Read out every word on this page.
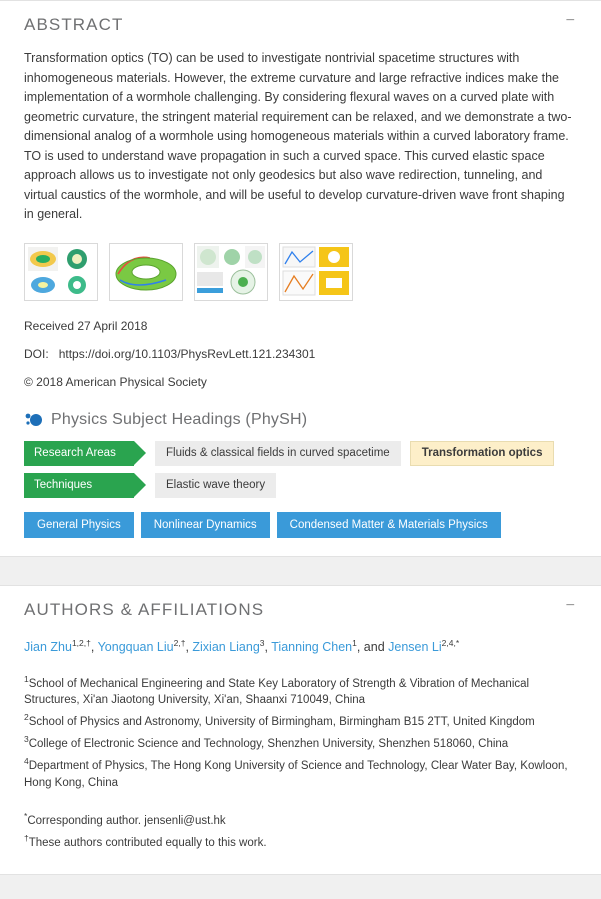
ABSTRACT	−

Transformation optics (TO) can be used to investigate nontrivial spacetime structures with inhomogeneous materials. However, the extreme curvature and large refractive indices make the implementation of a wormhole challenging. By considering flexural waves on a curved plate with geometric curvature, the stringent material requirement can be relaxed, and we demonstrate a two-dimensional analog of a wormhole using homogeneous materials within a curved laboratory frame. TO is used to understand wave propagation in such a curved space. This curved elastic space approach allows us to investigate not only geodesics but also wave redirection, tunneling, and virtual caustics of the wormhole, and will be useful to develop curvature-driven wave front shaping in general.

Received 27 April 2018
DOI: https://doi.org/10.1103/PhysRevLett.121.234301
© 2018 American Physical Society
Physics Subject Headings (PhySH)
Research Areas	Fluids & classical fields in curved spacetime	Transformation optics
Techniques	Elastic wave theory
General Physics	Nonlinear Dynamics	Condensed Matter & Materials Physics
AUTHORS & AFFILIATIONS	−
Jian Zhu$^{1,2,\dagger}$, Yongquan Liu$^{2,\dagger}$, Zixian Liang$^3$, Tianning Chen$^1$, and Jensen $Li^{2,4,*}$
$^1$School of Mechanical Engineering and State Key Laboratory of Strength & Vibration of Mechanical Structures, Xi'an Jiaotong University, Xi'an, Shaanxi 710049, China
$^2$School of Physics and Astronomy, University of Birmingham, Birmingham B15 2TT, United Kingdom
$^3$College of Electronic Science and Technology, Shenzhen University, Shenzhen 518060, China
$^4$Department of Physics, The Hong Kong University of Science and Technology, Clear Water Bay, Kowloon, Hong Kong, China
*Corresponding author. jensenli@ust.hk
†These authors contributed equally to this work.
